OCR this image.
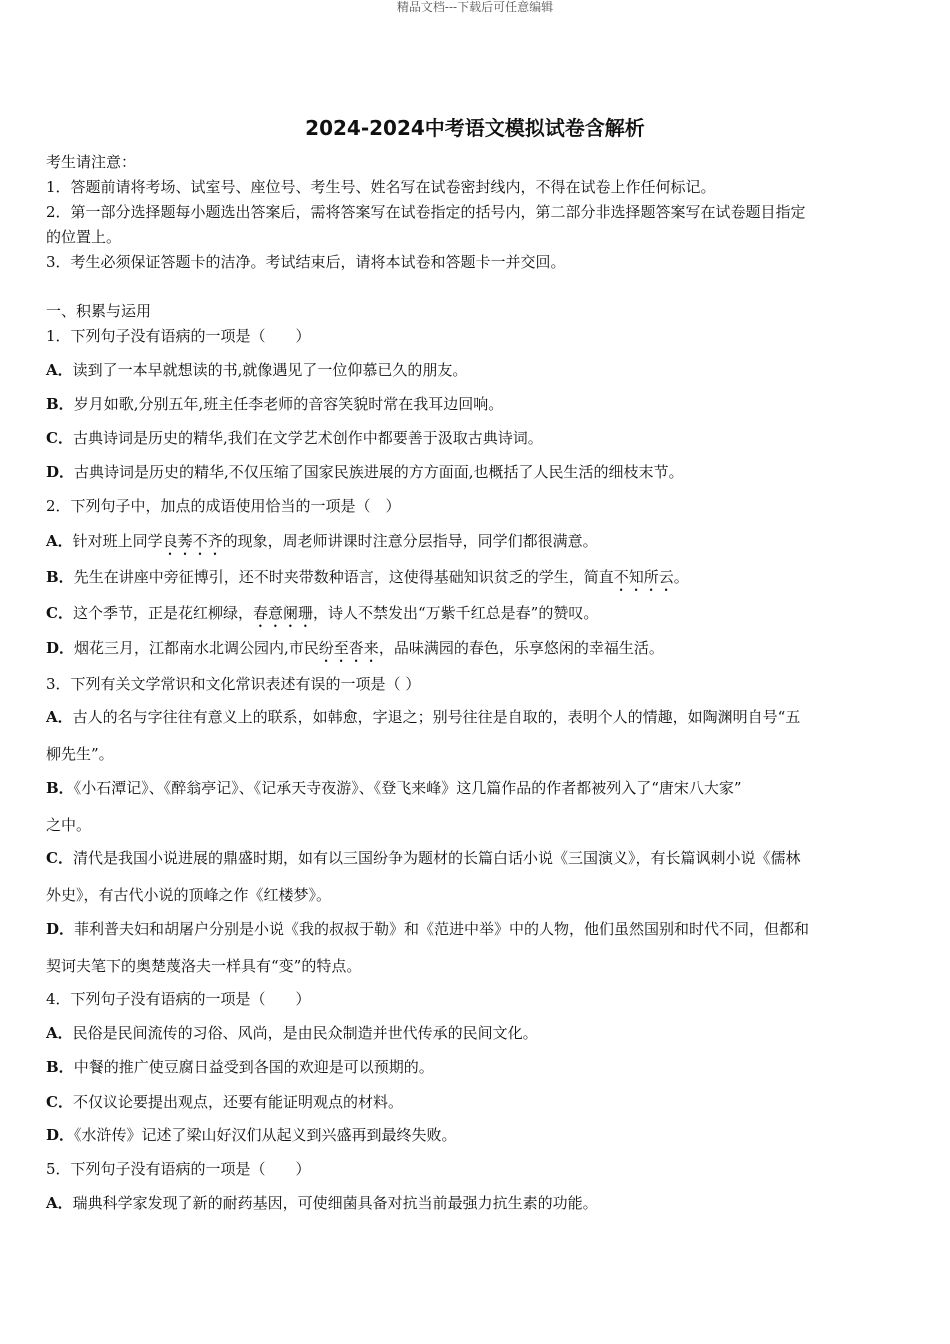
精品文档---下载后可任意编辑
2024-2024中考语文模拟试卷含解析
考生请注意：
1．答题前请将考场、试室号、座位号、考生号、姓名写在试卷密封线内，不得在试卷上作任何标记。
2．第一部分选择题每小题选出答案后，需将答案写在试卷指定的括号内，第二部分非选择题答案写在试卷题目指定
的位置上。
3．考生必须保证答题卡的洁净。考试结束后，请将本试卷和答题卡一并交回。
一、积累与运用
1．下列句子没有语病的一项是（　　）
A．读到了一本早就想读的书,就像遇见了一位仰慕已久的朋友。
B．岁月如歌,分别五年,班主任李老师的音容笑貌时常在我耳边回响。
C．古典诗词是历史的精华,我们在文学艺术创作中都要善于汲取古典诗词。
D．古典诗词是历史的精华,不仅压缩了国家民族进展的方方面面,也概括了人民生活的细枝末节。
2．下列句子中，加点的成语使用恰当的一项是（　）
A．针对班上同学良莠不齐的现象，周老师讲课时注意分层指导，同学们都很满意。
B．先生在讲座中旁征博引，还不时夹带数种语言，这使得基础知识贫乏的学生，简直不知所云。
C．这个季节，正是花红柳绿，春意阑珊，诗人不禁发出“万紫千红总是春”的赞叹。
D．烟花三月，江都南水北调公园内,市民纷至沓来，品味满园的春色，乐享悠闲的幸福生活。
3．下列有关文学常识和文化常识表述有误的一项是（ ）
A．古人的名与字往往有意义上的联系，如韩愈，字退之；别号往往是自取的，表明个人的情趣，如陶渊明自号“五
柳先生”。
B．《小石潭记》、《醉翁亭记》、《记承天寺夜游》、《登飞来峰》这几篇作品的作者都被列入了“唐宋八大家”
之中。
C．清代是我国小说进展的鼎盛时期，如有以三国纷争为题材的长篇白话小说《三国演义》，有长篇讽刺小说《儒林
外史》，有古代小说的顶峰之作《红楼梦》。
D．菲利普夫妇和胡屠户分别是小说《我的叔叔于勒》和《范进中举》中的人物，他们虽然国别和时代不同，但都和
契诃夫笔下的奥楚蔑洛夫一样具有“变”的特点。
4．下列句子没有语病的一项是（　　）
A．民俗是民间流传的习俗、风尚，是由民众制造并世代传承的民间文化。
B．中餐的推广使豆腐日益受到各国的欢迎是可以预期的。
C．不仅议论要提出观点，还要有能证明观点的材料。
D．《水浒传》记述了梁山好汉们从起义到兴盛再到最终失败。
5．下列句子没有语病的一项是（　　）
A．瑞典科学家发现了新的耐药基因，可使细菌具备对抗当前最强力抗生素的功能。
